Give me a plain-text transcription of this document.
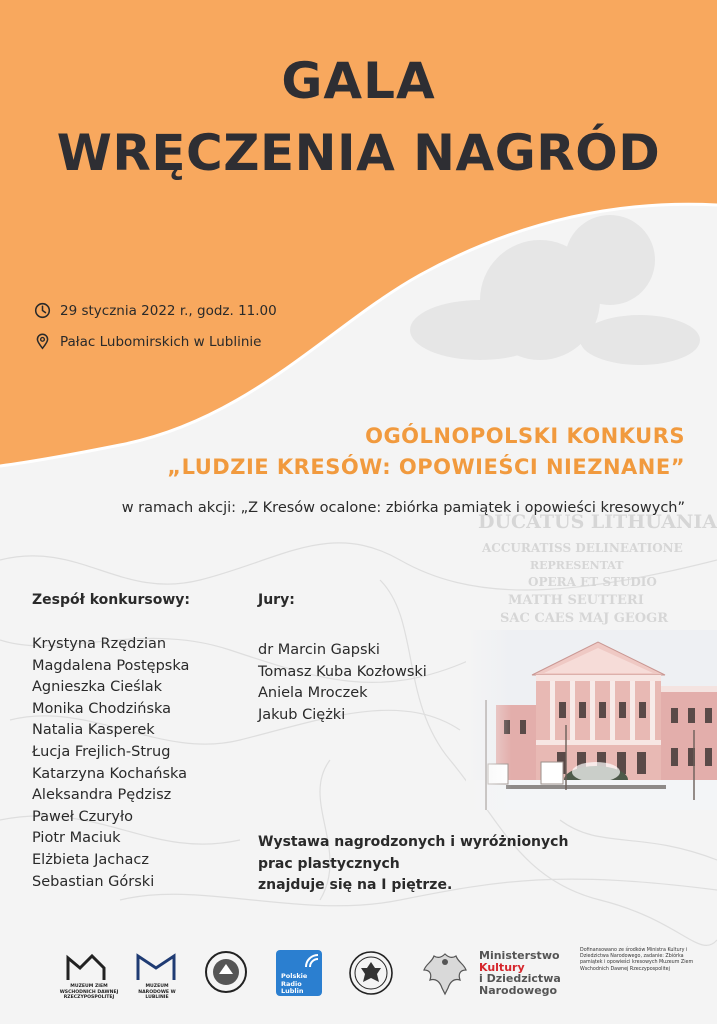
DUCATUS LITHUANIA
ACCURATISS DELINEATIONE
REPRESENTAT
OPERA ET STUDIO
MATTH SEUTTERI
SAC CAES MAJ GEOGR
GALA
WRĘCZENIA NAGRÓD
29 stycznia 2022 r., godz. 11.00
Pałac Lubomirskich w Lublinie
OGÓLNOPOLSKI KONKURS
„LUDZIE KRESÓW: OPOWIEŚCI NIEZNANE”
w ramach akcji: „Z Kresów ocalone: zbiórka pamiątek i opowieści kresowych”
Zespół konkursowy:
Krystyna Rzędzian
Magdalena Postępska
Agnieszka Cieślak
Monika Chodzińska
Natalia Kasperek
Łucja Frejlich-Strug
Katarzyna Kochańska
Aleksandra Pędzisz
Paweł Czuryło
Piotr Maciuk
Elżbieta Jachacz
Sebastian Górski
Jury:
dr Marcin Gapski
Tomasz Kuba Kozłowski
Aniela Mroczek
Jakub Ciężki
Wystawa nagrodzonych i wyróżnionych
prac plastycznych
znajduje się na I piętrze.
MUZEUM ZIEM WSCHODNICH DAWNEJ RZECZYPOSPOLITEJ
MUZEUM NARODOWE W LUBLINIE
Polskie Radio Lublin
Ministerstwo
Kultury
i Dziedzictwa
Narodowego
Dofinansowano ze środków Ministra Kultury i Dziedzictwa Narodowego, zadanie: Zbiórka pamiątek i opowieści kresowych Muzeum Ziem Wschodnich Dawnej Rzeczypospolitej
